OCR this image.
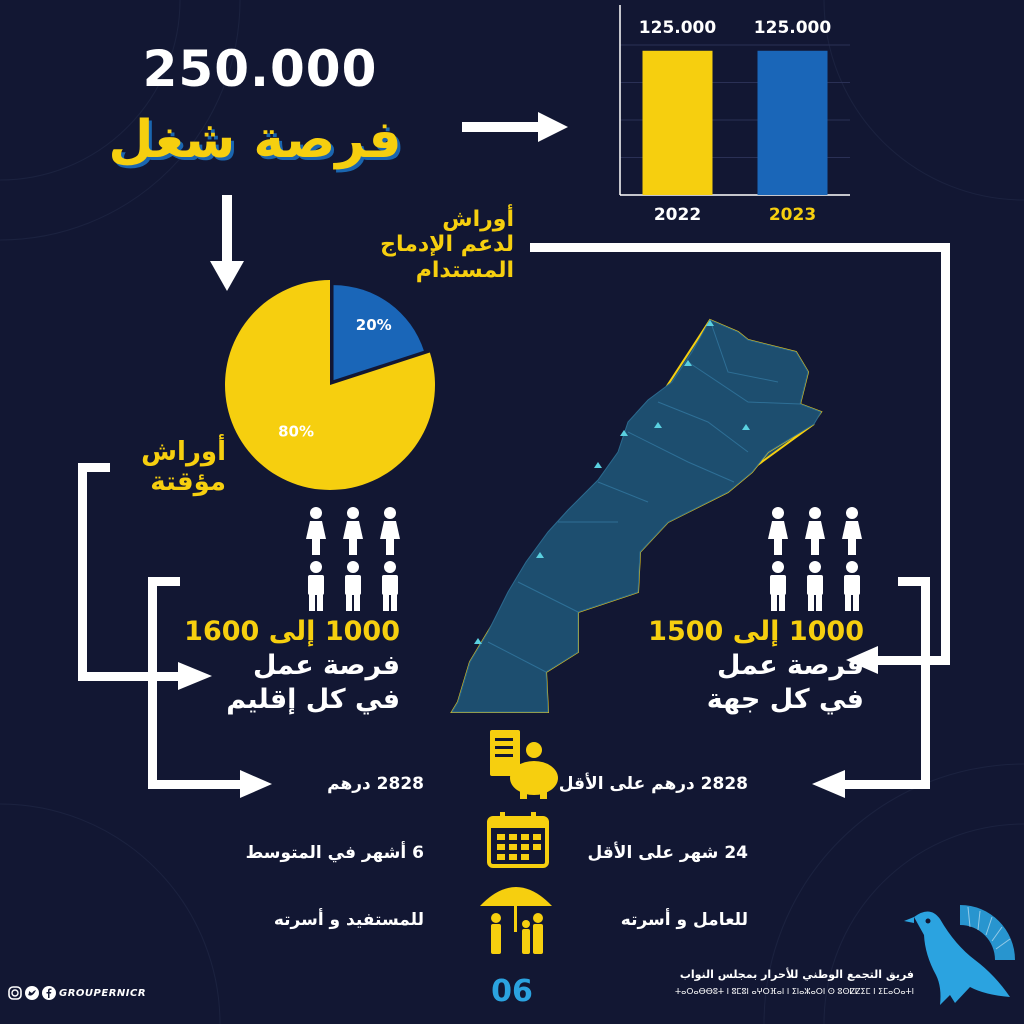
250.000
فرصة شغل
125.000
2022
125.000
2023
20%
80%
أوراش
لدعم الإدماج
المستدام
أوراش
مؤقتة
1000 إلى 1600
فرصة عمل
في كل إقليم
1000 إلى 1500
فرصة عمل
في كل جهة
2828 درهم
6 أشهر في المتوسط
للمستفيد و أسرته
2828 درهم على الأقل
24 شهر على الأقل
للعامل و أسرته
GROUPERNICR	06	فريق التجمع الوطني للأحرار بمجلس النواب
ⵜⴰⵔⴰⴱⴱⵓⵜ ⵏ ⵓⵎⵓⵏ ⴰⵖⵔⴼⴰⵏ ⵏ ⵉⵏⴰⵣⴰⵔⵏ ⵙ ⵓⵙⵇⵇⵉⵎ ⵏ ⵉⵎⴰⵔⴰⵜⵏ
